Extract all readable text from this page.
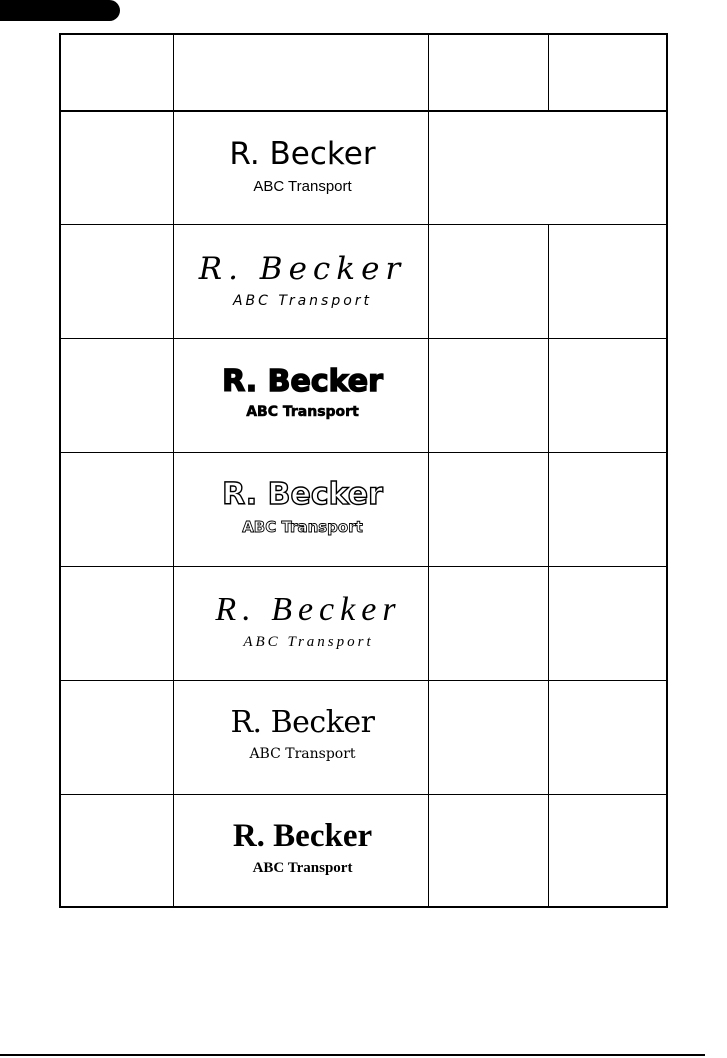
R. Becker
ABC Transport
R. Becker
ABC Transport
R. Becker
ABC Transport
R. Becker
ABC Transport
R. Becker
ABC Transport
R. Becker
ABC Transport
R. Becker
ABC Transport
